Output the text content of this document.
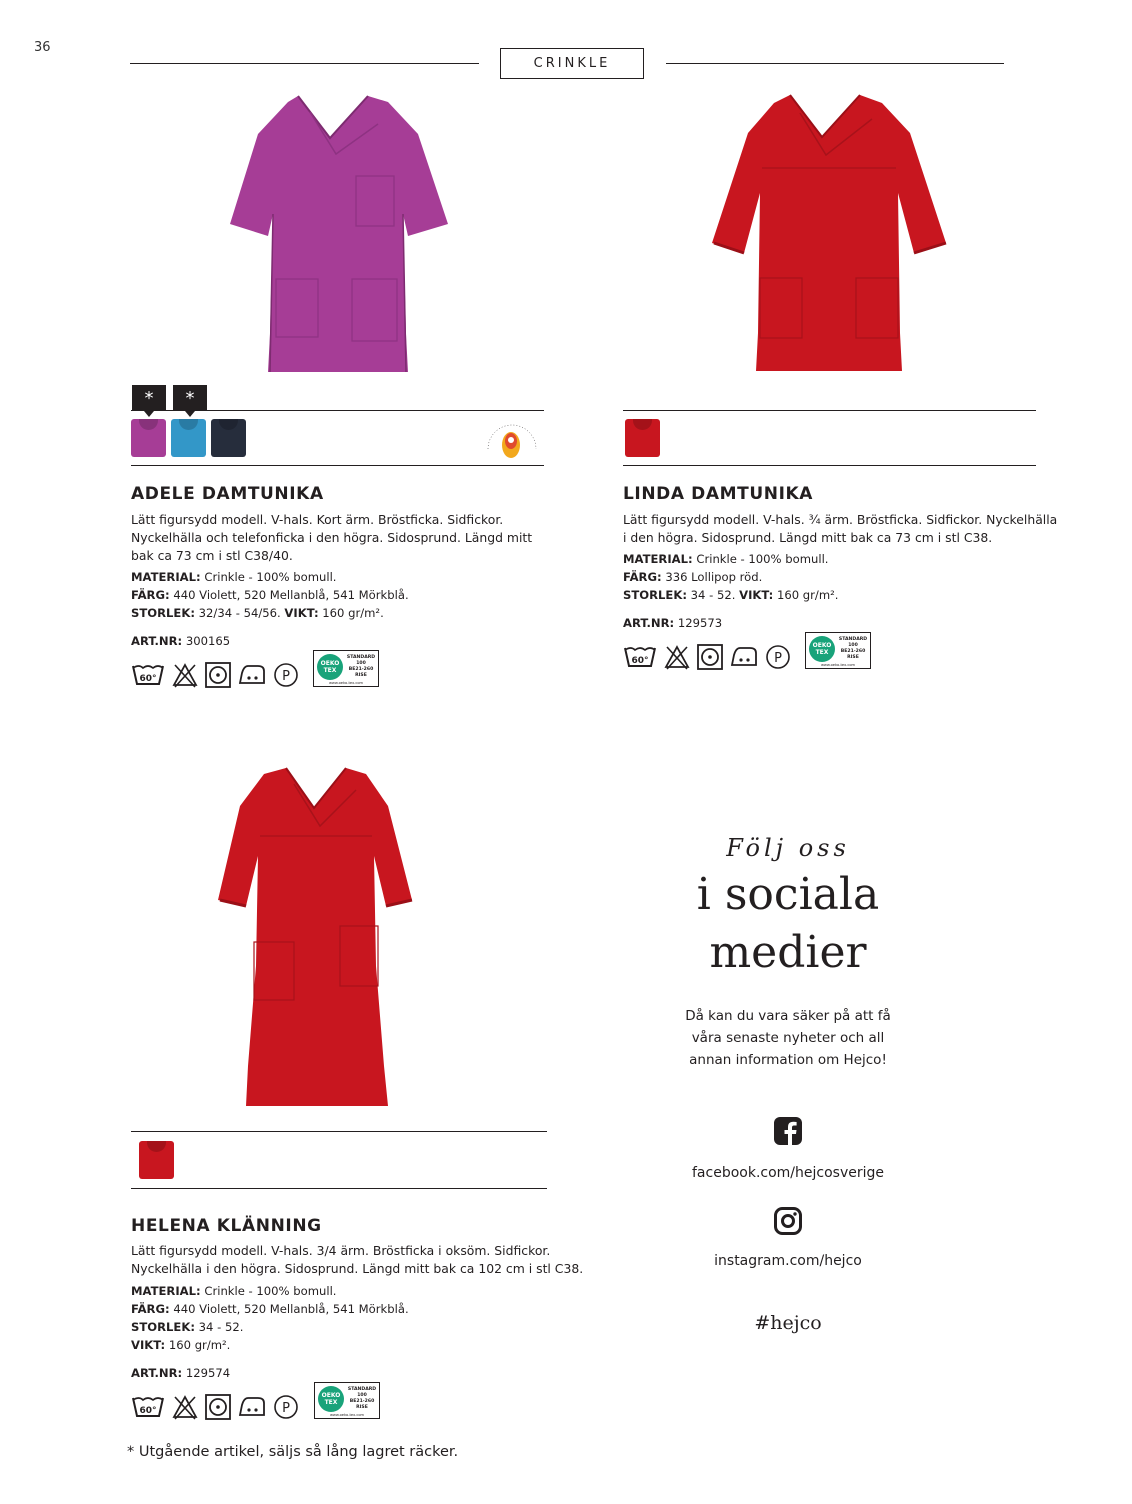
36
CRINKLE
*	*
ADELE DAMTUNIKA
Lätt figursydd modell. V-hals. Kort ärm. Bröstficka. Sidfickor.
Nyckelhälla och telefonficka i den högra. Sidosprund. Längd mitt
bak ca 73 cm i stl C38/40.
MATERIAL: Crinkle - 100% bomull.
FÄRG: 440 Violett, 520 Mellanblå, 541 Mörkblå.
STORLEK: 32/34 - 54/56. VIKT: 160 gr/m².
ART.NR: 300165
60°	P
OEKO TEX
STANDARD 100
BE21-260 RISE
www.oeko-tex.com
LINDA DAMTUNIKA
Lätt figursydd modell. V-hals. ¾ ärm. Bröstficka. Sidfickor. Nyckelhälla
i den högra. Sidosprund. Längd mitt bak ca 73 cm i stl C38.
MATERIAL: Crinkle - 100% bomull.
FÄRG: 336 Lollipop röd.
STORLEK: 34 - 52. VIKT: 160 gr/m².
ART.NR: 129573
60°	P
OEKO TEX
STANDARD 100
BE21-260 RISE
www.oeko-tex.com
HELENA KLÄNNING
Lätt figursydd modell. V-hals. 3/4 ärm. Bröstficka i oksöm. Sidfickor.
Nyckelhälla i den högra. Sidosprund. Längd mitt bak ca 102 cm i stl C38.
MATERIAL: Crinkle - 100% bomull.
FÄRG: 440 Violett, 520 Mellanblå, 541 Mörkblå.
STORLEK: 34 - 52.
VIKT: 160 gr/m².
ART.NR: 129574
60°	P
OEKO TEX
STANDARD 100
BE21-260 RISE
www.oeko-tex.com
Följ oss
i sociala
medier
Då kan du vara säker på att få
våra senaste nyheter och all
annan information om Hejco!
facebook.com/hejcosverige
instagram.com/hejco
#hejco
* Utgående artikel, säljs så lång lagret räcker.
